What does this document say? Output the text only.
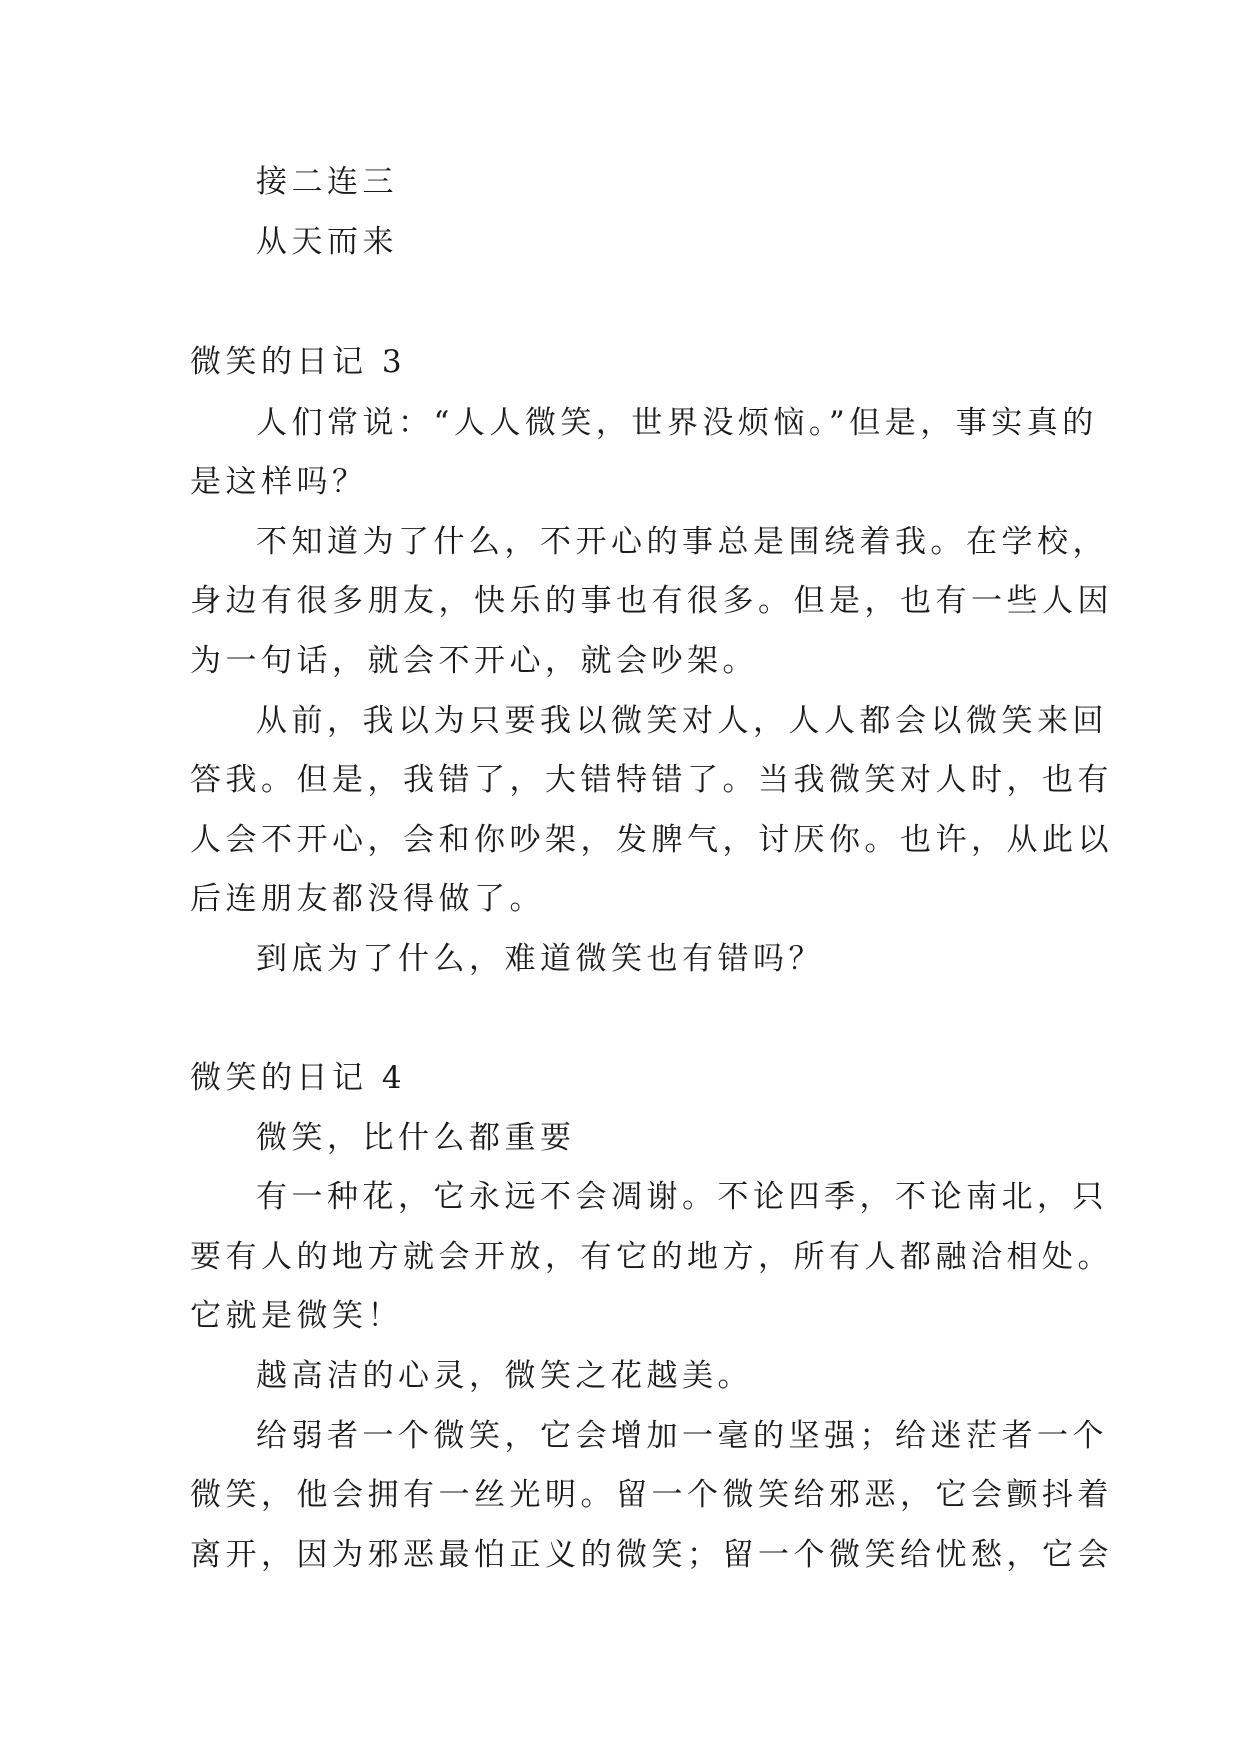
接二连三
从天而来
微笑的日记 3
人们常说：“人人微笑，世界没烦恼。”但是，事实真的
是这样吗？
不知道为了什么，不开心的事总是围绕着我。在学校，
身边有很多朋友，快乐的事也有很多。但是，也有一些人因
为一句话，就会不开心，就会吵架。
从前，我以为只要我以微笑对人，人人都会以微笑来回
答我。但是，我错了，大错特错了。当我微笑对人时，也有
人会不开心，会和你吵架，发脾气，讨厌你。也许，从此以
后连朋友都没得做了。
到底为了什么，难道微笑也有错吗？
微笑的日记 4
微笑，比什么都重要
有一种花，它永远不会凋谢。不论四季，不论南北，只
要有人的地方就会开放，有它的地方，所有人都融洽相处。
它就是微笑！
越高洁的心灵，微笑之花越美。
给弱者一个微笑，它会增加一毫的坚强；给迷茫者一个
微笑，他会拥有一丝光明。留一个微笑给邪恶，它会颤抖着
离开，因为邪恶最怕正义的微笑；留一个微笑给忧愁，它会
